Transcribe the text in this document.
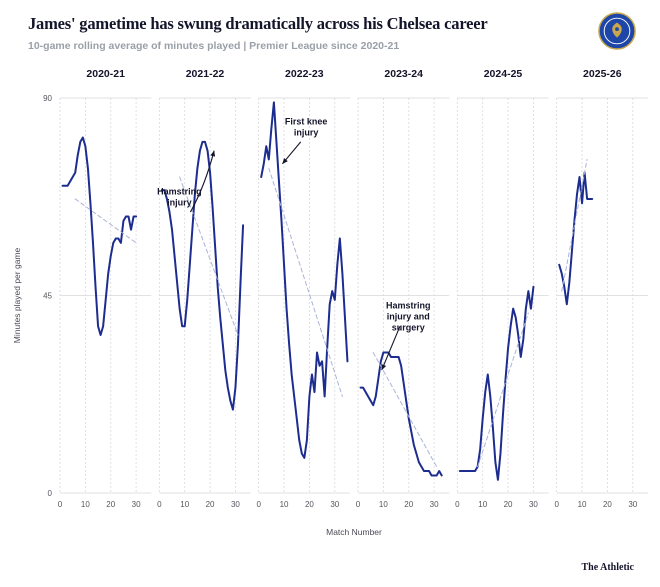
James' gametime has swung dramatically across his Chelsea career
10-game rolling average of minutes played | Premier League since 2020-21
0
45
90
0 10 20 30
2020-21
0 10 20 30
2021-22
0 10 20 30
2022-23
0 10 20 30
2023-24
0 10 20 30
2024-25
0 10 20 30
2025-26
Match Number
Minutes played per game
Hamstring
injury
First knee
injury
Hamstring
injury and
surgery
The Athletic
